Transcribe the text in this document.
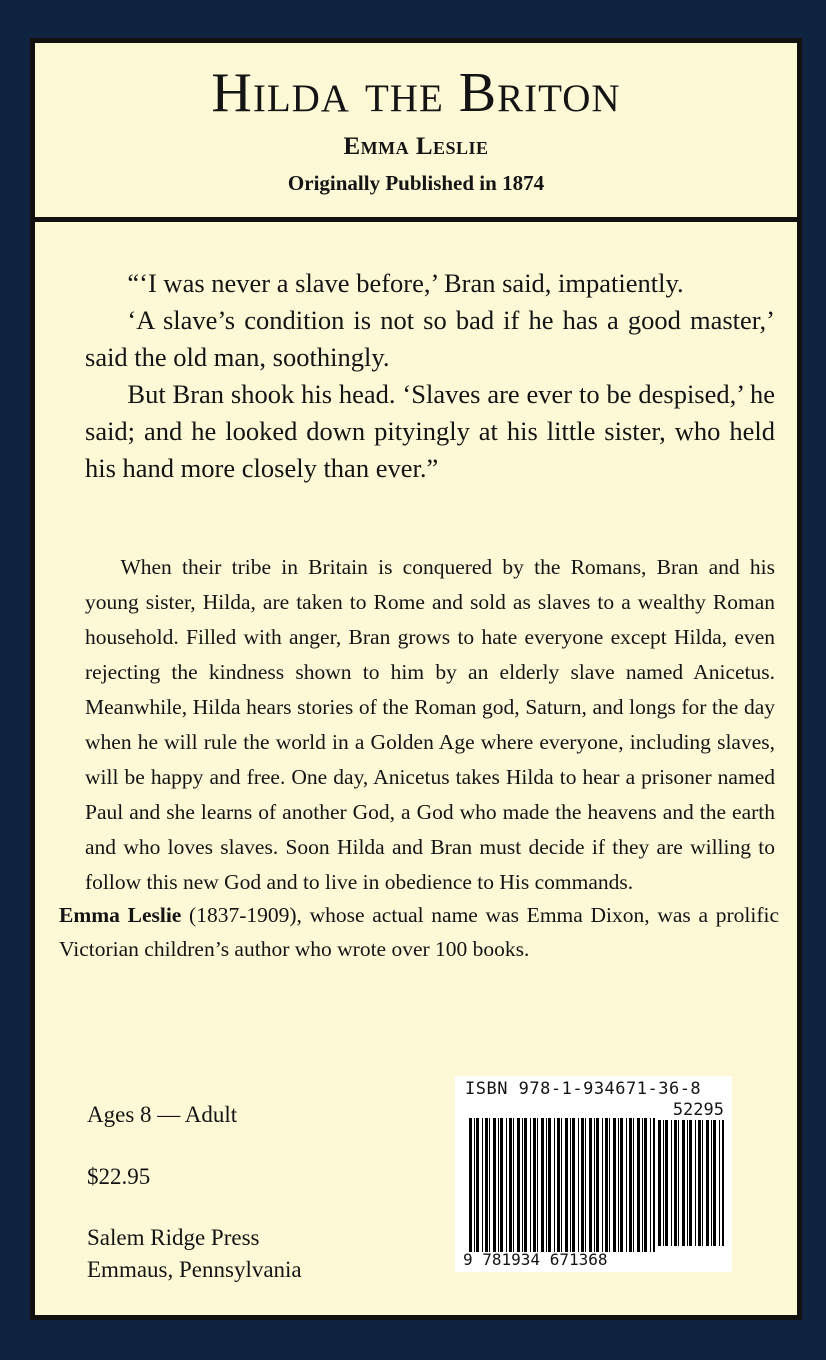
Hilda the Briton
Emma Leslie
Originally Published in 1874

“‘I was never a slave before,’ Bran said, impatiently.

‘A slave’s condition is not so bad if he has a good master,’ said the old man, soothingly.

But Bran shook his head. ‘Slaves are ever to be despised,’ he said; and he looked down pityingly at his little sister, who held his hand more closely than ever.”

When their tribe in Britain is conquered by the Romans, Bran and his young sister, Hilda, are taken to Rome and sold as slaves to a wealthy Roman household. Filled with anger, Bran grows to hate everyone except Hilda, even rejecting the kindness shown to him by an elderly slave named Anicetus. Meanwhile, Hilda hears stories of the Roman god, Saturn, and longs for the day when he will rule the world in a Golden Age where everyone, including slaves, will be happy and free. One day, Anicetus takes Hilda to hear a prisoner named Paul and she learns of another God, a God who made the heavens and the earth and who loves slaves. Soon Hilda and Bran must decide if they are willing to follow this new God and to live in obedience to His commands.

Emma Leslie (1837-1909), whose actual name was Emma Dixon, was a prolific Victorian children’s author who wrote over 100 books.

Ages 8 — Adult
$22.95
Salem Ridge Press
Emmaus, Pennsylvania
ISBN 978-1-934671-36-8
52295
9 781934 671368
